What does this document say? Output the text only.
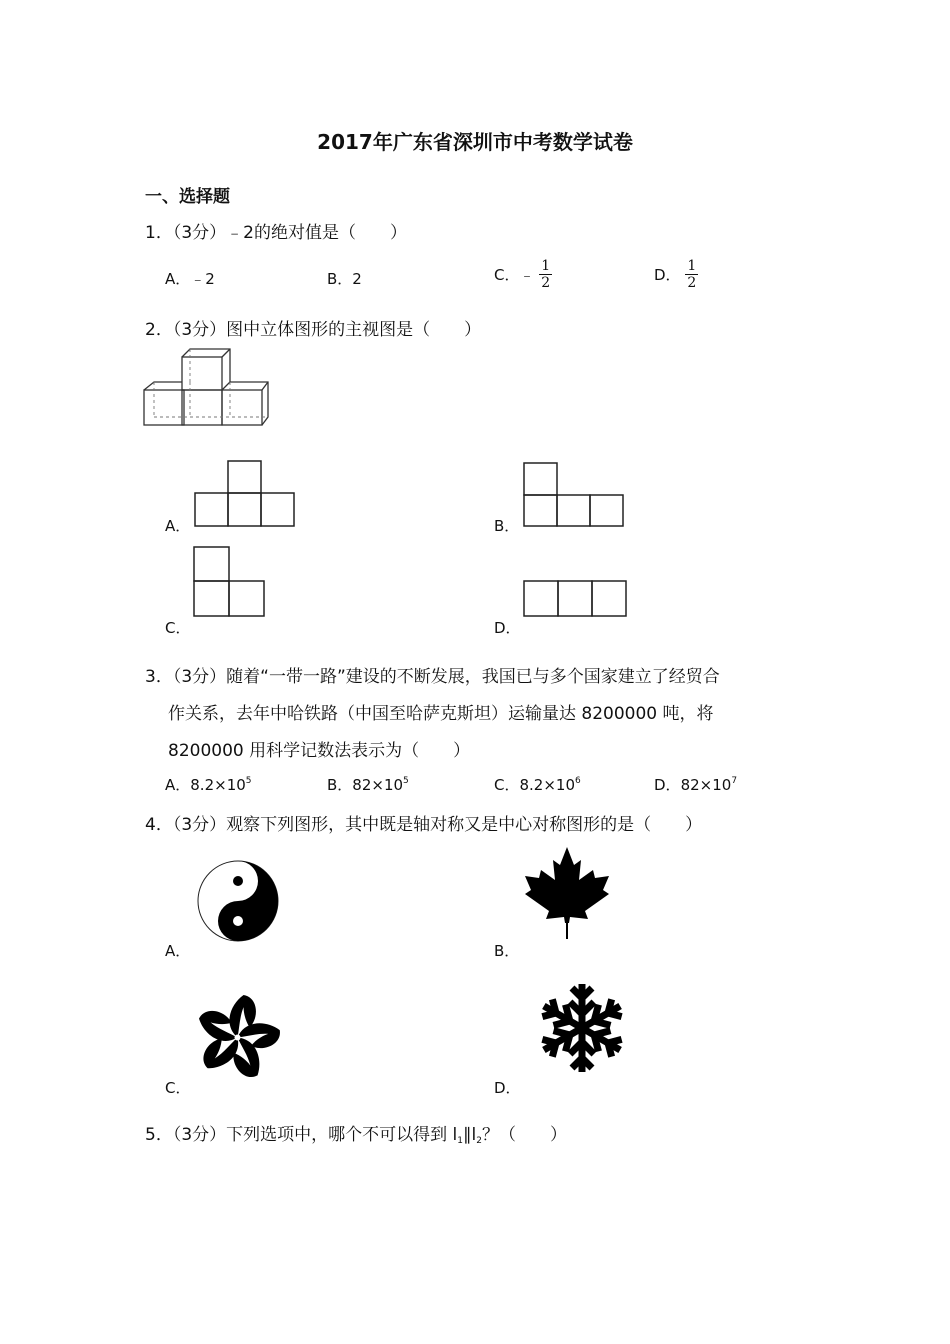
2017年广东省深圳市中考数学试卷
一、选择题
1．（3分）﹣2的绝对值是（　　）
A．﹣2	B．2	C．﹣ $\frac{1}{2}$	D． $\frac{1}{2}$
2．（3分）图中立体图形的主视图是（　　）
A．	B．
C．	D．
3．（3分）随着“一带一路”建设的不断发展，我国已与多个国家建立了经贸合
作关系，去年中哈铁路（中国至哈萨克斯坦）运输量达 8200000 吨，将
8200000 用科学记数法表示为（　　）
A．$8.2\times 10^5$	B．$82\times 10^5$	C．$8.2\times 10^6$	D．$82\times 10^7$
4．（3分）观察下列图形，其中既是轴对称又是中心对称图形的是（　　）
A．	B．
C．	D．
5．（3分）下列选项中，哪个不可以得到 $l_1\parallel l_2$？（　　）
